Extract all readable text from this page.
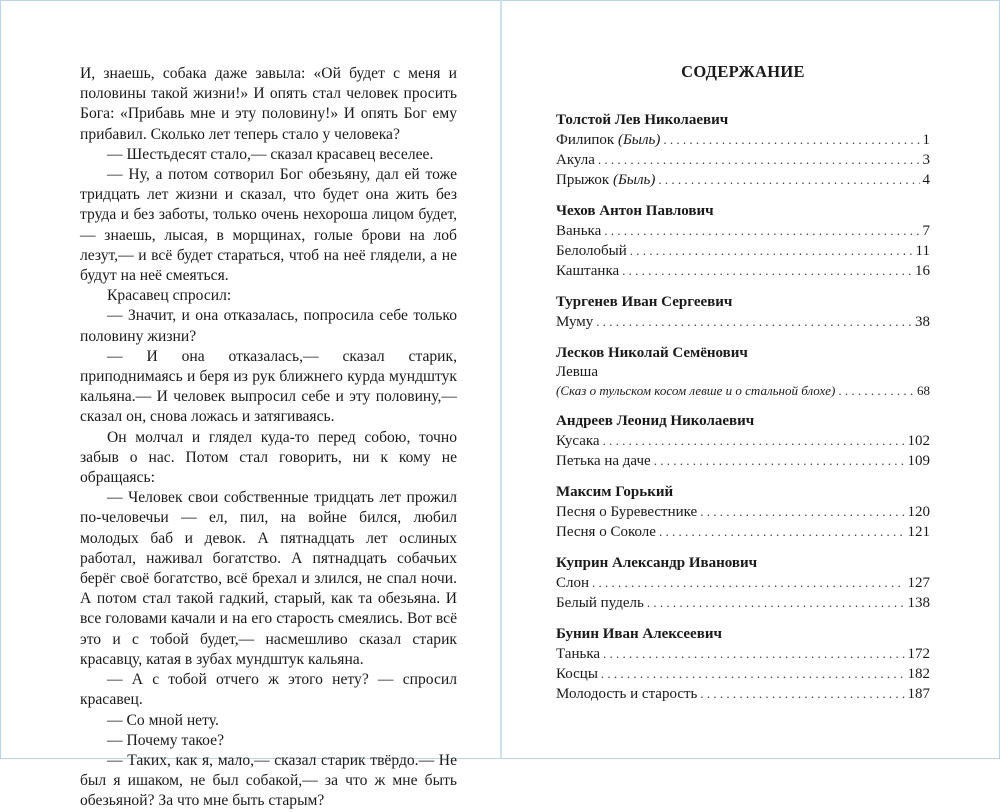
И, знаешь, собака даже завыла: «Ой будет с меня и половины такой жизни!» И опять стал человек просить Бога: «Прибавь мне и эту половину!» И опять Бог ему прибавил. Сколько лет теперь стало у человека?

— Шестьдесят стало,— сказал красавец веселее.

— Ну, а потом сотворил Бог обезьяну, дал ей тоже тридцать лет жизни и сказал, что будет она жить без труда и без заботы, только очень нехороша лицом будет,— знаешь, лысая, в морщинах, голые брови на лоб лезут,— и всё будет стараться, чтоб на неё глядели, а не будут на неё смеяться.

Красавец спросил:

— Значит, и она отказалась, попросила себе только половину жизни?

— И она отказалась,— сказал старик, приподнимаясь и беря из рук ближнего курда мундштук кальяна.— И человек выпросил себе и эту половину,— сказал он, снова ложась и затягиваясь.

Он молчал и глядел куда-то перед собою, точно забыв о нас. Потом стал говорить, ни к кому не обращаясь:

— Человек свои собственные тридцать лет прожил по-человечьи — ел, пил, на войне бился, любил молодых баб и девок. А пятнадцать лет ослиных работал, наживал богатство. А пятнадцать собачьих берёг своё богатство, всё брехал и злился, не спал ночи. А потом стал такой гадкий, старый, как та обезьяна. И все головами качали и на его старость смеялись. Вот всё это и с тобой будет,— насмешливо сказал старик красавцу, катая в зубах мундштук кальяна.

— А с тобой отчего ж этого нету? — спросил красавец.

— Со мной нету.

— Почему такое?

— Таких, как я, мало,— сказал старик твёрдо.— Не был я ишаком, не был собакой,— за что ж мне быть обезьяной? За что мне быть старым?

СОДЕРЖАНИЕ
Толстой Лев Николаевич
Филипок (Быль) . . .	1
Акула . . .	3
Прыжок (Быль) . . .	4
Чехов Антон Павлович
Ванька . . .	7
Белолобый . . .	11
Каштанка . . .	16
Тургенев Иван Сергеевич
Муму . . .	38
Лесков Николай Семёнович
Левша
(Сказ о тульском косом левше и о стальной блохе) . . .	68
Андреев Леонид Николаевич
Кусака . . .	102
Петька на даче . . .	109
Максим Горький
Песня о Буревестнике . . .	120
Песня о Соколе . . .	121
Куприн Александр Иванович
Слон . . .	127
Белый пудель . . .	138
Бунин Иван Алексеевич
Танька . . .	172
Косцы . . .	182
Молодость и старость . . .	187
